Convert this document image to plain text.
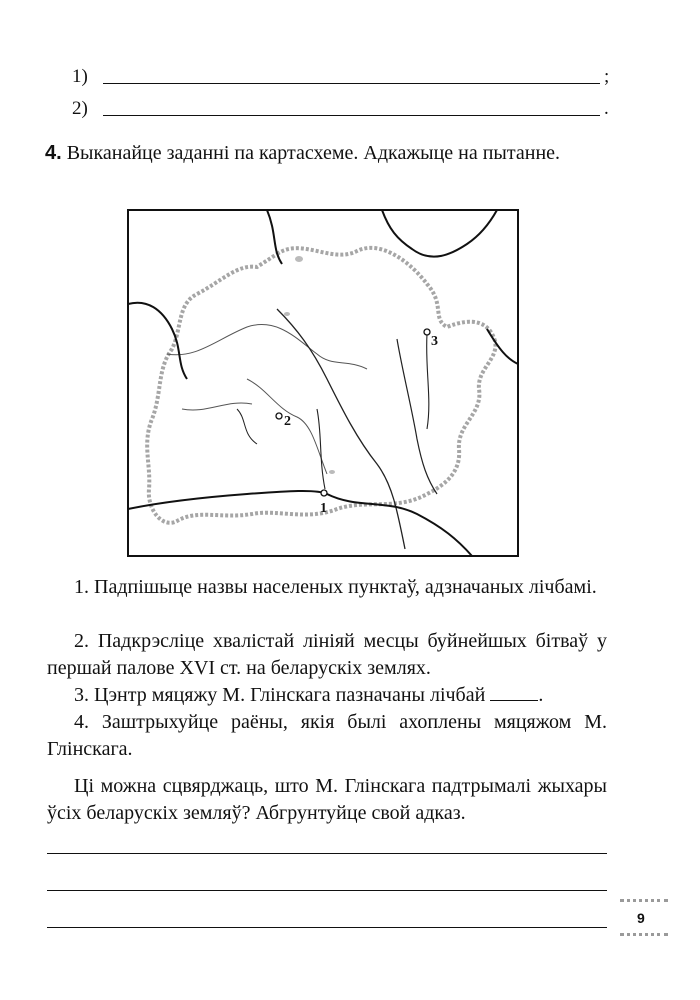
1)	;
2)	.
4. Выканайце заданні па картасхеме. Адкажыце на пытанне.
1
2
3
1. Падпішыце назвы населеных пунктаў, адзначаных лічбамі.
2. Падкрэсліце хвалістай лініяй месцы буйнейшых бітваў у першай палове XVI ст. на беларускіх землях.
3. Цэнтр мяцяжу М. Глінскага пазначаны лічбай	.
4. Заштрыхуйце раёны, якія былі ахоплены мяцяжом М. Глінскага.
Ці можна сцвярджаць, што М. Глінскага падтрымалі жыхары ўсіх беларускіх земляў? Абгрунтуйце свой адказ.
9
